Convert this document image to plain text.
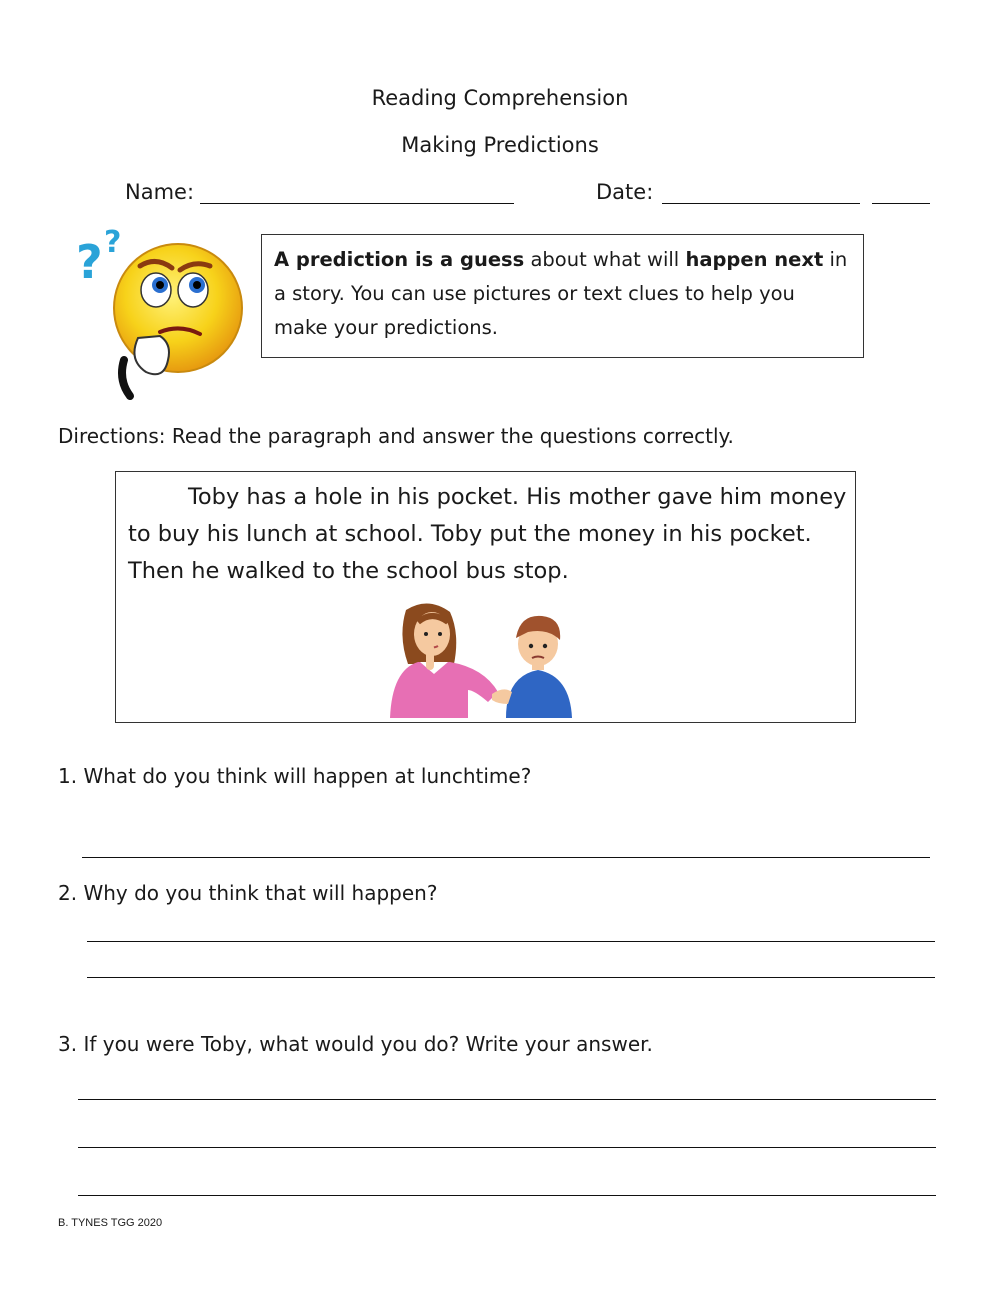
Reading Comprehension
Making Predictions
Name:	Date:
? ?	A prediction is a guess about what will happen next in a story. You can use pictures or text clues to help you make your predictions.
Directions: Read the paragraph and answer the questions correctly.
Toby has a hole in his pocket. His mother gave him money
to buy his lunch at school. Toby put the money in his pocket.
Then he walked to the school bus stop.
1. What do you think will happen at lunchtime?
2. Why do you think that will happen?
3. If you were Toby, what would you do? Write your answer.
B. TYNES TGG 2020
